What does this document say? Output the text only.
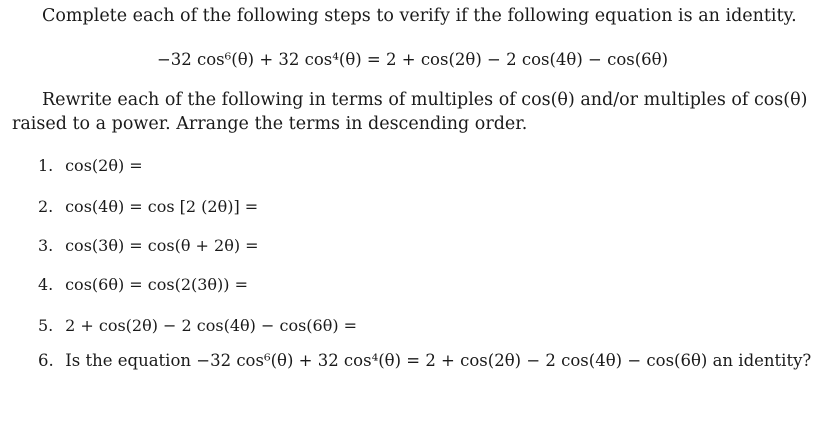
Complete each of the following steps to verify if the following equation is an identity.
−32 cos⁶(θ) + 32 cos⁴(θ) = 2 + cos(2θ) − 2 cos(4θ) − cos(6θ)
Rewrite each of the following in terms of multiples of cos(θ) and/or multiples of cos(θ)
raised to a power. Arrange the terms in descending order.
1. cos(2θ) =
2. cos(4θ) = cos [2 (2θ)] =
3. cos(3θ) = cos(θ + 2θ) =
4. cos(6θ) = cos(2(3θ)) =
5. 2 + cos(2θ) − 2 cos(4θ) − cos(6θ) =
6. Is the equation −32 cos⁶(θ) + 32 cos⁴(θ) = 2 + cos(2θ) − 2 cos(4θ) − cos(6θ) an identity?
